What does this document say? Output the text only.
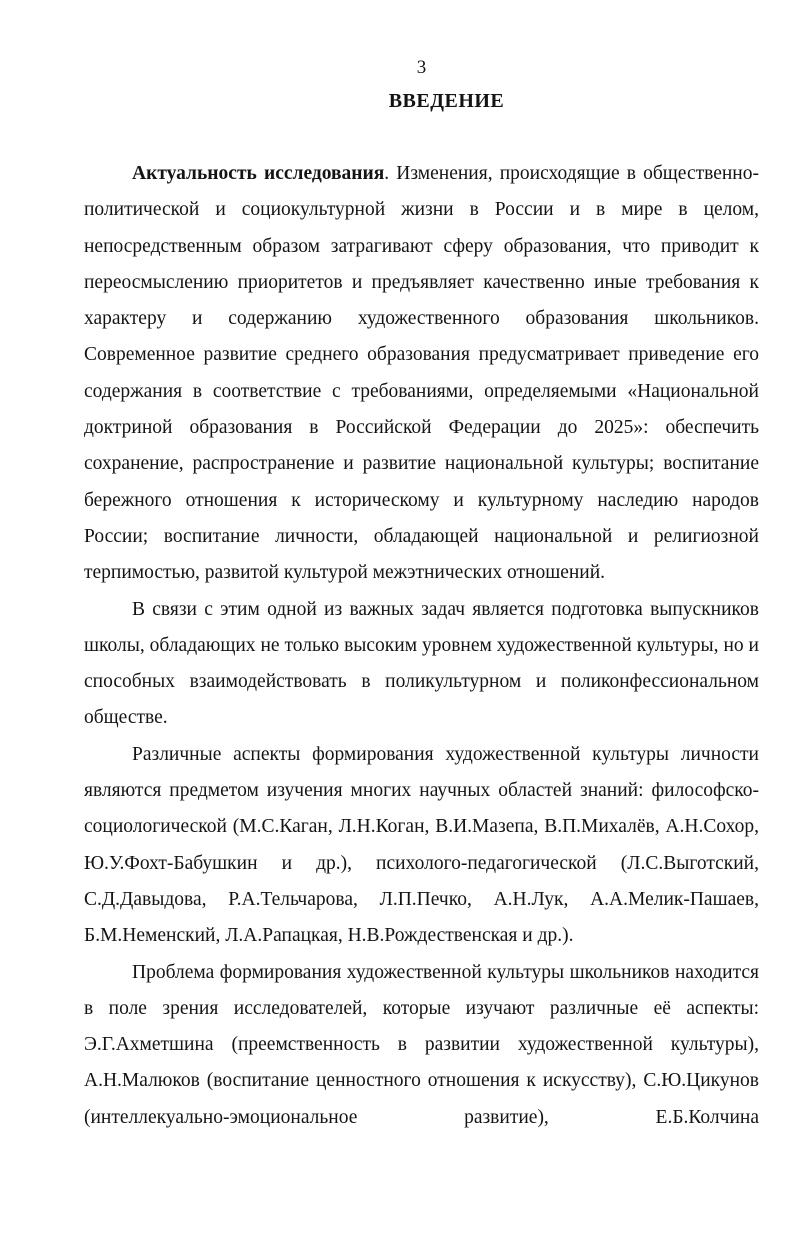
3
ВВЕДЕНИЕ

Актуальность исследования. Изменения, происходящие в общественно-политической и социокультурной жизни в России и в мире в целом, непосредственным образом затрагивают сферу образования, что приводит к переосмыслению приоритетов и предъявляет качественно иные требования к характеру и содержанию художественного образования школьников. Современное развитие среднего образования предусматривает приведение его содержания в соответствие с требованиями, определяемыми «Национальной доктриной образования в Российской Федерации до 2025»: обеспечить сохранение, распространение и развитие национальной культуры; воспитание бережного отношения к историческому и культурному наследию народов России; воспитание личности, обладающей национальной и религиозной терпимостью, развитой культурой межэтнических отношений.

В связи с этим одной из важных задач является подготовка выпускников школы, обладающих не только высоким уровнем художественной культуры, но и способных взаимодействовать в поликультурном и поликонфессиональном обществе.

Различные аспекты формирования художественной культуры личности являются предметом изучения многих научных областей знаний: философско-социологической (М.С.Каган, Л.Н.Коган, В.И.Мазепа, В.П.Михалёв, А.Н.Сохор, Ю.У.Фохт-Бабушкин и др.), психолого-педагогической (Л.С.Выготский, С.Д.Давыдова, Р.А.Тельчарова, Л.П.Печко, А.Н.Лук, А.А.Мелик-Пашаев, Б.М.Неменский, Л.А.Рапацкая, Н.В.Рождественская и др.).

Проблема формирования художественной культуры школьников находится в поле зрения исследователей, которые изучают различные её аспекты: Э.Г.Ахметшина (преемственность в развитии художественной культуры), А.Н.Малюков (воспитание ценностного отношения к искусству), С.Ю.Цикунов (интеллекуально-эмоциональное развитие), Е.Б.Колчина
